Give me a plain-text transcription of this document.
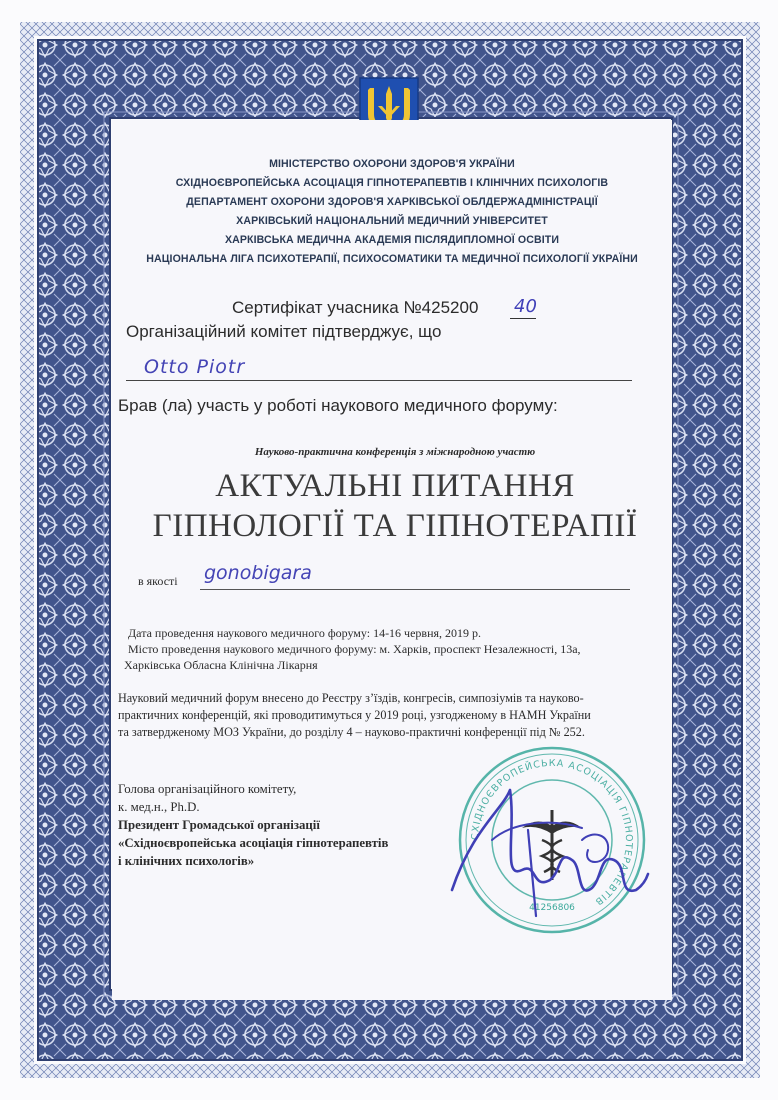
МІНІСТЕРСТВО ОХОРОНИ ЗДОРОВ'Я УКРАЇНИ

СХІДНОЄВРОПЕЙСЬКА АСОЦІАЦІЯ ГІПНОТЕРАПЕВТІВ І КЛІНІЧНИХ ПСИХОЛОГІВ

ДЕПАРТАМЕНТ ОХОРОНИ ЗДОРОВ'Я ХАРКІВСЬКОЇ ОБЛДЕРЖАДМІНІСТРАЦІЇ

ХАРКІВСЬКИЙ НАЦІОНАЛЬНИЙ МЕДИЧНИЙ УНІВЕРСИТЕТ

ХАРКІВСЬКА МЕДИЧНА АКАДЕМІЯ ПІСЛЯДИПЛОМНОЇ ОСВІТИ

НАЦІОНАЛЬНА ЛІГА ПСИХОТЕРАПІЇ, ПСИХОСОМАТИКИ ТА МЕДИЧНОЇ ПСИХОЛОГІЇ УКРАЇНИ

Сертифікат учасника №425200 40

Організаційний комітет підтверджує, що

Otto Piotr

Брав (ла) участь у роботі наукового медичного форуму:

Науково-практична конференція з міжнародною участю

АКТУАЛЬНІ ПИТАННЯ

ГІПНОЛОГІЇ ТА ГІПНОТЕРАПІЇ

в якості gonobigara

Дата проведення наукового медичного форуму: 14-16 червня, 2019 р.

Місто проведення наукового медичного форуму: м. Харків, проспект Незалежності, 13а,

Харківська Обласна Клінічна Лікарня

Науковий медичний форум внесено до Реєстру з’їздів, конгресів, симпозіумів та науково-

практичних конференцій, які проводитимуться у 2019 році, узгодженому в НАМН України

та затвердженому МОЗ України, до розділу 4 – науково-практичні конференції під № 252.

Голова організаційного комітету,

к. мед.н., Ph.D.

Президент Громадської організації

«Східноєвропейська асоціація гіпнотерапевтів

і клінічних психологів»

СХІДНОЄВРОПЕЙСЬКА АСОЦІАЦІЯ ГІПНОТЕРАПЕВТІВ
41256806
